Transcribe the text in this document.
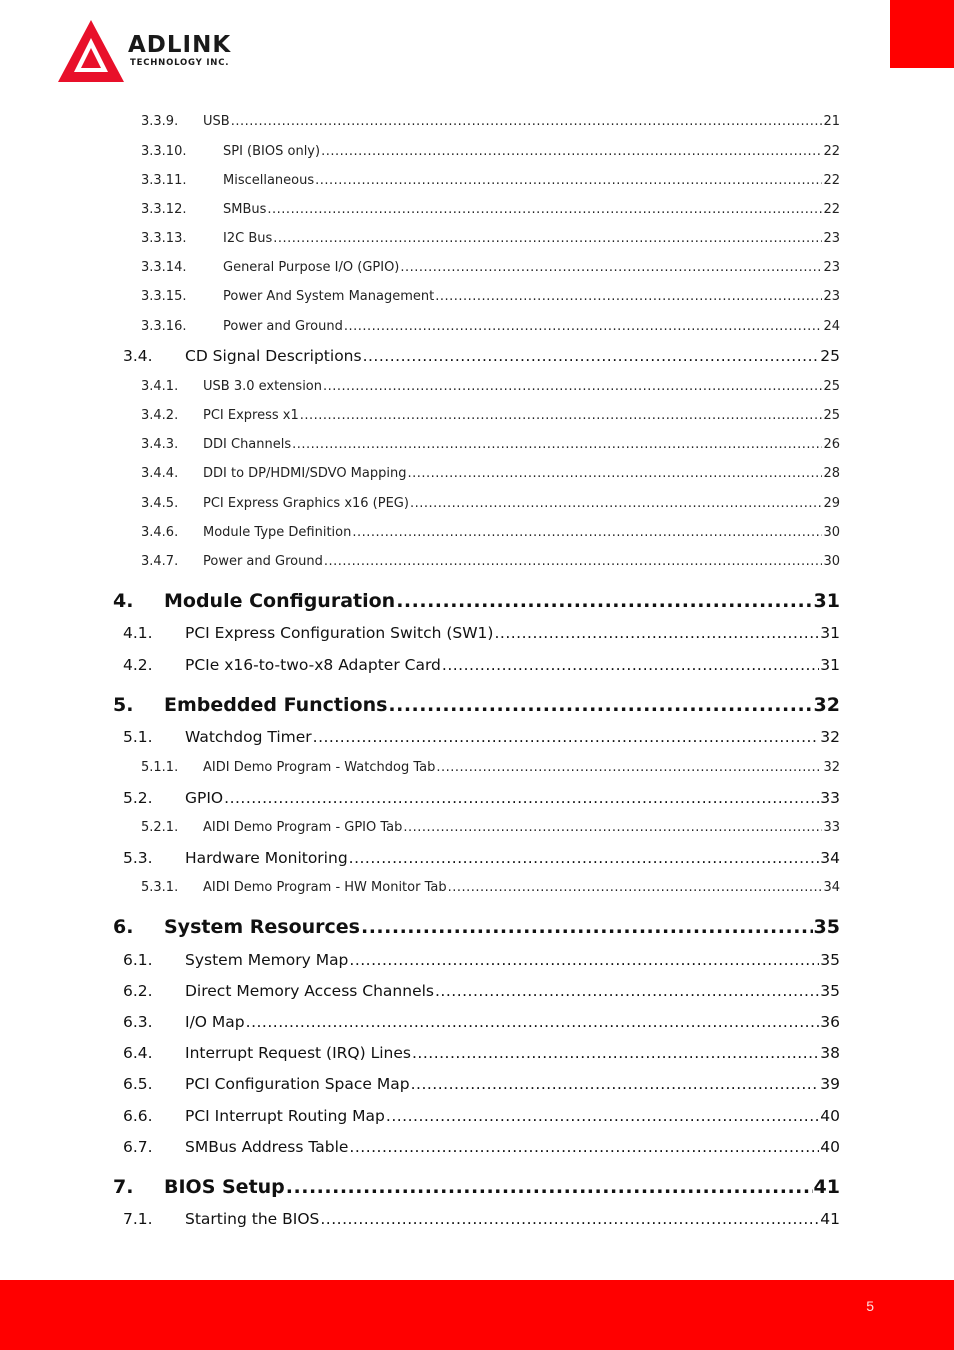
ADLINK
TECHNOLOGY INC.
3.3.9.	USB .....	21
3.3.10.	SPI (BIOS only) .....	22
3.3.11.	Miscellaneous .....	22
3.3.12.	SMBus .....	22
3.3.13.	I2C Bus .....	23
3.3.14.	General Purpose I/O (GPIO) .....	23
3.3.15.	Power And System Management .....	23
3.3.16.	Power and Ground .....	24
3.4.	CD Signal Descriptions .....	25
3.4.1.	USB 3.0 extension .....	25
3.4.2.	PCI Express x1 .....	25
3.4.3.	DDI Channels .....	26
3.4.4.	DDI to DP/HDMI/SDVO Mapping .....	28
3.4.5.	PCI Express Graphics x16 (PEG) .....	29
3.4.6.	Module Type Definition .....	30
3.4.7.	Power and Ground .....	30
4.	Module Configuration .....	31
4.1.	PCI Express Configuration Switch (SW1) .....	31
4.2.	PCIe x16-to-two-x8 Adapter Card .....	31
5.	Embedded Functions .....	32
5.1.	Watchdog Timer .....	32
5.1.1.	AIDI Demo Program - Watchdog Tab .....	32
5.2.	GPIO .....	33
5.2.1.	AIDI Demo Program - GPIO Tab .....	33
5.3.	Hardware Monitoring .....	34
5.3.1.	AIDI Demo Program - HW Monitor Tab .....	34
6.	System Resources .....	35
6.1.	System Memory Map .....	35
6.2.	Direct Memory Access Channels .....	35
6.3.	I/O Map .....	36
6.4.	Interrupt Request (IRQ) Lines .....	38
6.5.	PCI Configuration Space Map .....	39
6.6.	PCI Interrupt Routing Map .....	40
6.7.	SMBus Address Table .....	40
7.	BIOS Setup .....	41
7.1.	Starting the BIOS .....	41
5
